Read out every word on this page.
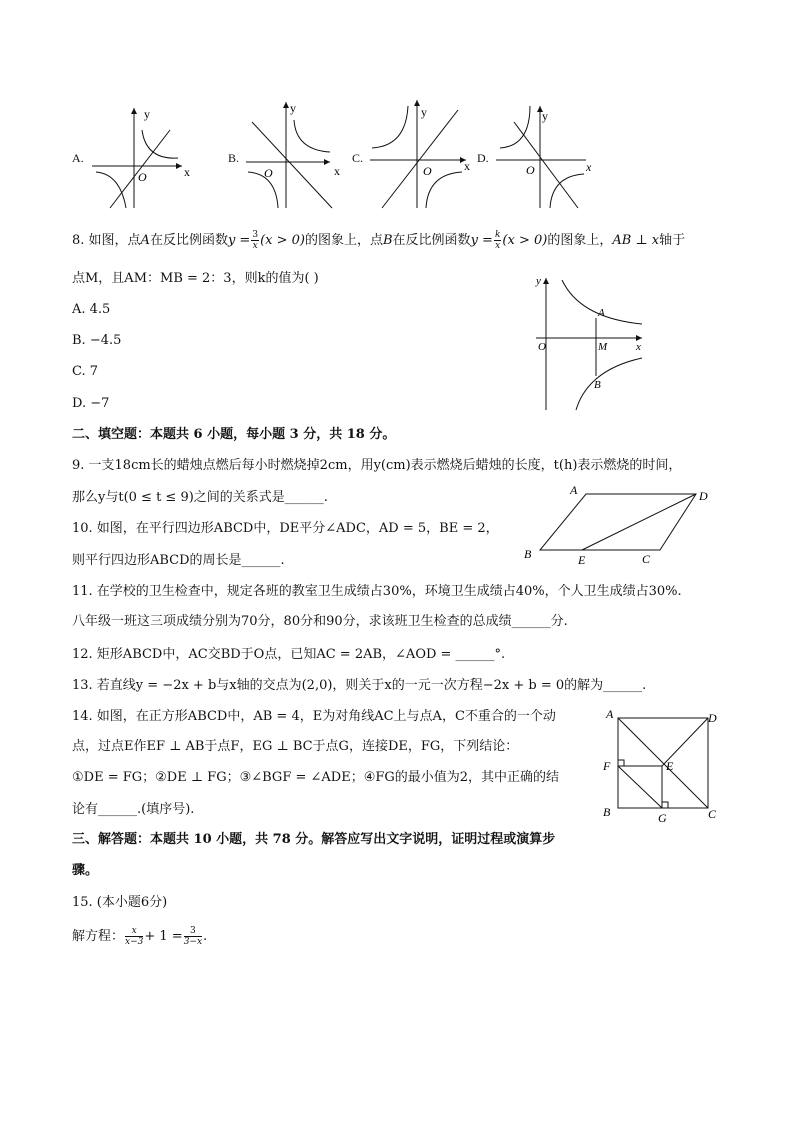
A.
y
x
O
B.
y
x
O
C.
y
x
O
D.
y
x
O
8. 如图，点A在反比例函数$y = \frac{3}{x} (x > 0)$的图象上，点B在反比例函数$y = \frac{k}{x} (x > 0)$的图象上，AB ⊥ x轴于
点M，且AM：MB = 2：3，则k的值为( )
A. 4.5
B. −4.5
C. 7
D. −7
y
x
O
A
M
B
二、填空题：本题共 6 小题，每小题 3 分，共 18 分。
9. 一支18cm长的蜡烛点燃后每小时燃烧掉2cm，用y(cm)表示燃烧后蜡烛的长度，t(h)表示燃烧的时间，
那么y与t(0 ≤ t ≤ 9)之间的关系式是______.
10. 如图，在平行四边形ABCD中，DE平分∠ADC，AD = 5，BE = 2，
则平行四边形ABCD的周长是______.
A	D
B	E	C
11. 在学校的卫生检查中，规定各班的教室卫生成绩占30%，环境卫生成绩占40%，个人卫生成绩占30%.
八年级一班这三项成绩分别为70分，80分和90分，求该班卫生检查的总成绩______分.
12. 矩形ABCD中，AC交BD于O点，已知AC = 2AB，∠AOD = ______°.
13. 若直线y = −2x + b与x轴的交点为(2,0)，则关于x的一元一次方程−2x + b = 0的解为______.
14. 如图，在正方形ABCD中，AB = 4，E为对角线AC上与点A，C不重合的一个动
点，过点E作EF ⊥ AB于点F，EG ⊥ BC于点G，连接DE，FG，下列结论：
①DE = FG；②DE ⊥ FG；③∠BGF = ∠ADE；④FG的最小值为2，其中正确的结
论有______.(填序号).
A	D
F	E
B	G	C
三、解答题：本题共 10 小题，共 78 分。解答应写出文字说明，证明过程或演算步
骤。
15. (本小题6分)
解方程： $\frac{x}{x-3} + 1 = \frac{3}{3-x}$ .
